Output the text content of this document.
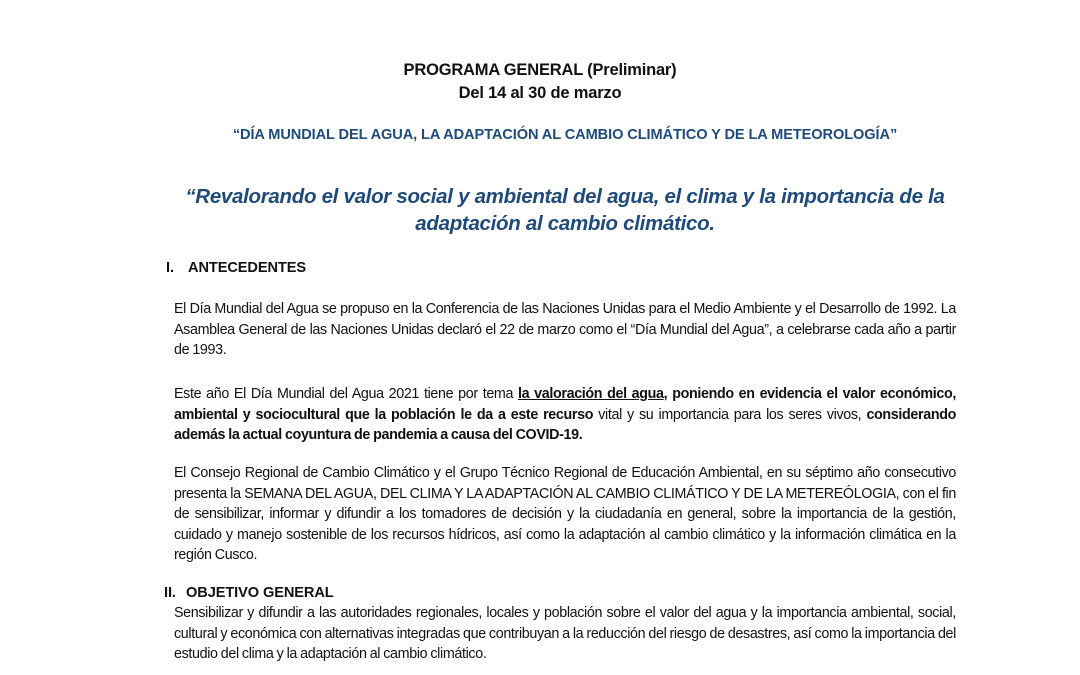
PROGRAMA GENERAL (Preliminar)
Del 14 al 30 de marzo
“DÍA MUNDIAL DEL AGUA, LA ADAPTACIÓN AL CAMBIO CLIMÁTICO Y DE LA METEOROLOGÍA”
“Revalorando el valor social y ambiental del agua, el clima y la importancia de la
adaptación al cambio climático.
I. ANTECEDENTES
El Día Mundial del Agua se propuso en la Conferencia de las Naciones Unidas para el Medio Ambiente y el Desarrollo de 1992. La Asamblea General de las Naciones Unidas declaró el 22 de marzo como el “Día Mundial del Agua”, a celebrarse cada año a partir de 1993.
Este año El Día Mundial del Agua 2021 tiene por tema la valoración del agua, poniendo en evidencia el valor económico, ambiental y sociocultural que la población le da a este recurso vital y su importancia para los seres vivos, considerando además la actual coyuntura de pandemia a causa del COVID-19.
El Consejo Regional de Cambio Climático y el Grupo Técnico Regional de Educación Ambiental, en su séptimo año consecutivo presenta la SEMANA DEL AGUA, DEL CLIMA Y LA ADAPTACIÓN AL CAMBIO CLIMÁTICO Y DE LA METEREÓLOGIA, con el fin de sensibilizar, informar y difundir a los tomadores de decisión y la ciudadanía en general, sobre la importancia de la gestión, cuidado y manejo sostenible de los recursos hídricos, así como la adaptación al cambio climático y la información climática en la región Cusco.
II. OBJETIVO GENERAL
Sensibilizar y difundir a las autoridades regionales, locales y población sobre el valor del agua y la importancia ambiental, social, cultural y económica con alternativas integradas que contribuyan a la reducción del riesgo de desastres, así como la importancia del estudio del clima y la adaptación al cambio climático.
